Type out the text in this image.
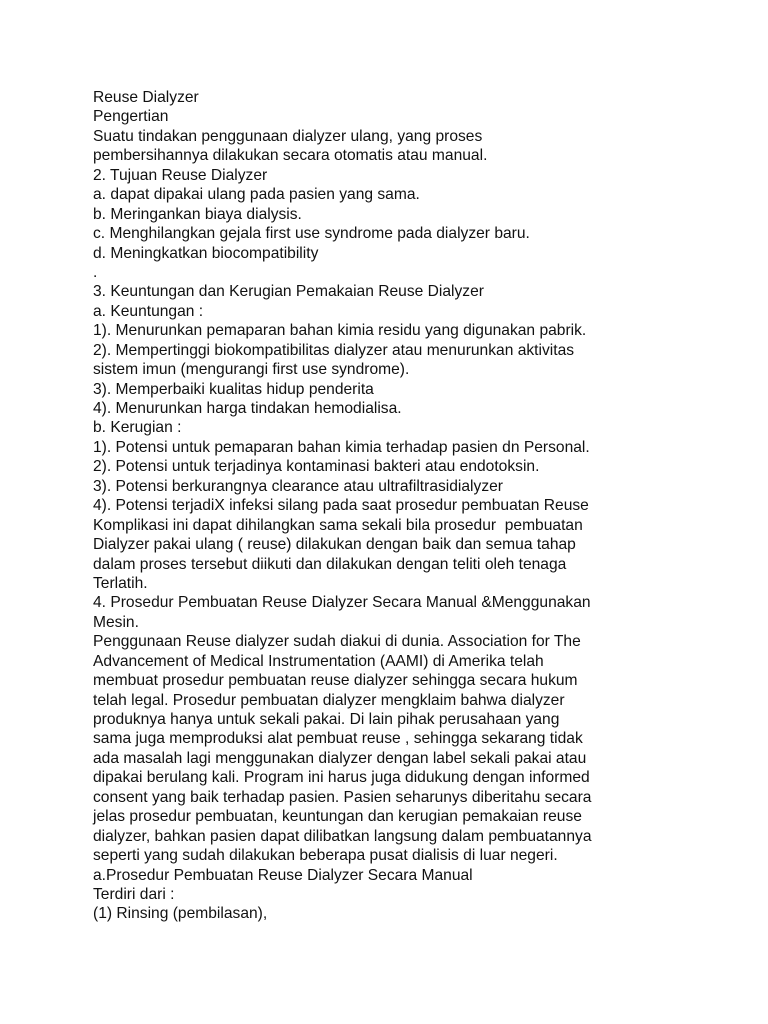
Reuse Dialyzer
Pengertian
Suatu tindakan penggunaan dialyzer ulang, yang proses
pembersihannya dilakukan secara otomatis atau manual.
2. Tujuan Reuse Dialyzer
a. dapat dipakai ulang pada pasien yang sama.
b. Meringankan biaya dialysis.
c. Menghilangkan gejala first use syndrome pada dialyzer baru.
d. Meningkatkan biocompatibility
.
3. Keuntungan dan Kerugian Pemakaian Reuse Dialyzer
a. Keuntungan :
1). Menurunkan pemaparan bahan kimia residu yang digunakan pabrik.
2). Mempertinggi biokompatibilitas dialyzer atau menurunkan aktivitas
sistem imun (mengurangi first use syndrome).
3). Memperbaiki kualitas hidup penderita
4). Menurunkan harga tindakan hemodialisa.
b. Kerugian :
1). Potensi untuk pemaparan bahan kimia terhadap pasien dn Personal.
2). Potensi untuk terjadinya kontaminasi bakteri atau endotoksin.
3). Potensi berkurangnya clearance atau ultrafiltrasidialyzer
4). Potensi terjadiX infeksi silang pada saat prosedur pembuatan Reuse
Komplikasi ini dapat dihilangkan sama sekali bila prosedur  pembuatan
Dialyzer pakai ulang ( reuse) dilakukan dengan baik dan semua tahap
dalam proses tersebut diikuti dan dilakukan dengan teliti oleh tenaga
Terlatih.
4. Prosedur Pembuatan Reuse Dialyzer Secara Manual &Menggunakan
Mesin.
Penggunaan Reuse dialyzer sudah diakui di dunia. Association for The
Advancement of Medical Instrumentation (AAMI) di Amerika telah
membuat prosedur pembuatan reuse dialyzer sehingga secara hukum
telah legal. Prosedur pembuatan dialyzer mengklaim bahwa dialyzer
produknya hanya untuk sekali pakai. Di lain pihak perusahaan yang
sama juga memproduksi alat pembuat reuse , sehingga sekarang tidak
ada masalah lagi menggunakan dialyzer dengan label sekali pakai atau
dipakai berulang kali. Program ini harus juga didukung dengan informed
consent yang baik terhadap pasien. Pasien seharunys diberitahu secara
jelas prosedur pembuatan, keuntungan dan kerugian pemakaian reuse
dialyzer, bahkan pasien dapat dilibatkan langsung dalam pembuatannya
seperti yang sudah dilakukan beberapa pusat dialisis di luar negeri.
a.Prosedur Pembuatan Reuse Dialyzer Secara Manual
Terdiri dari :
(1) Rinsing (pembilasan),
